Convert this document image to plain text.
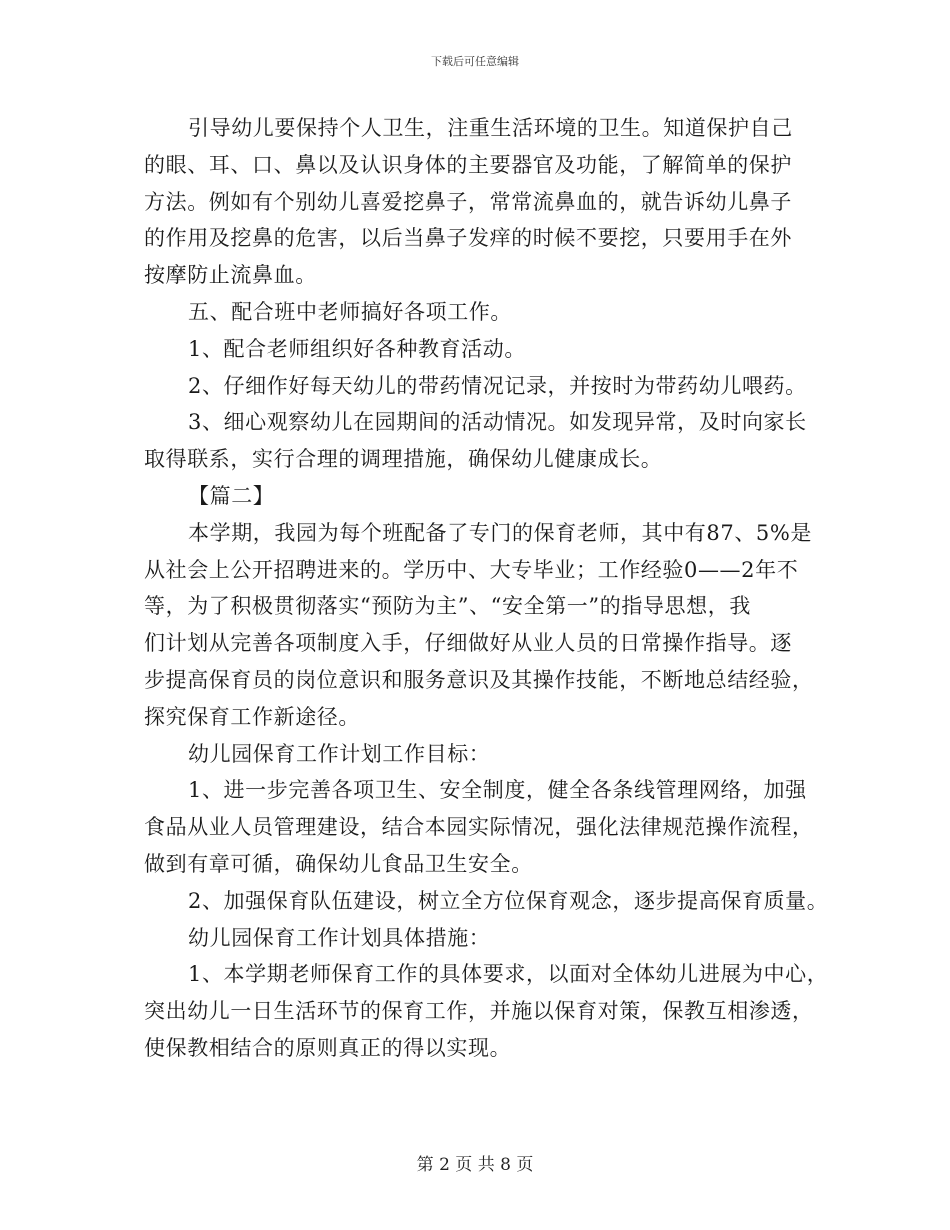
下载后可任意编辑
引导幼儿要保持个人卫生，注重生活环境的卫生。知道保护自己
的眼、耳、口、鼻以及认识身体的主要器官及功能，了解简单的保护
方法。例如有个别幼儿喜爱挖鼻子，常常流鼻血的，就告诉幼儿鼻子
的作用及挖鼻的危害，以后当鼻子发痒的时候不要挖，只要用手在外
按摩防止流鼻血。
五、配合班中老师搞好各项工作。
1、配合老师组织好各种教育活动。
2、仔细作好每天幼儿的带药情况记录，并按时为带药幼儿喂药。
3、细心观察幼儿在园期间的活动情况。如发现异常，及时向家长
取得联系，实行合理的调理措施，确保幼儿健康成长。
【篇二】
本学期，我园为每个班配备了专门的保育老师，其中有87、5%是
从社会上公开招聘进来的。学历中、大专毕业；工作经验0——2年不
等，为了积极贯彻落实“预防为主”、“安全第一”的指导思想，我
们计划从完善各项制度入手，仔细做好从业人员的日常操作指导。逐
步提高保育员的岗位意识和服务意识及其操作技能，不断地总结经验，
探究保育工作新途径。
幼儿园保育工作计划工作目标：
1、进一步完善各项卫生、安全制度，健全各条线管理网络，加强
食品从业人员管理建设，结合本园实际情况，强化法律规范操作流程，
做到有章可循，确保幼儿食品卫生安全。
2、加强保育队伍建设，树立全方位保育观念，逐步提高保育质量。
幼儿园保育工作计划具体措施：
1、本学期老师保育工作的具体要求，以面对全体幼儿进展为中心，
突出幼儿一日生活环节的保育工作，并施以保育对策，保教互相渗透，
使保教相结合的原则真正的得以实现。
第 2 页 共 8 页
